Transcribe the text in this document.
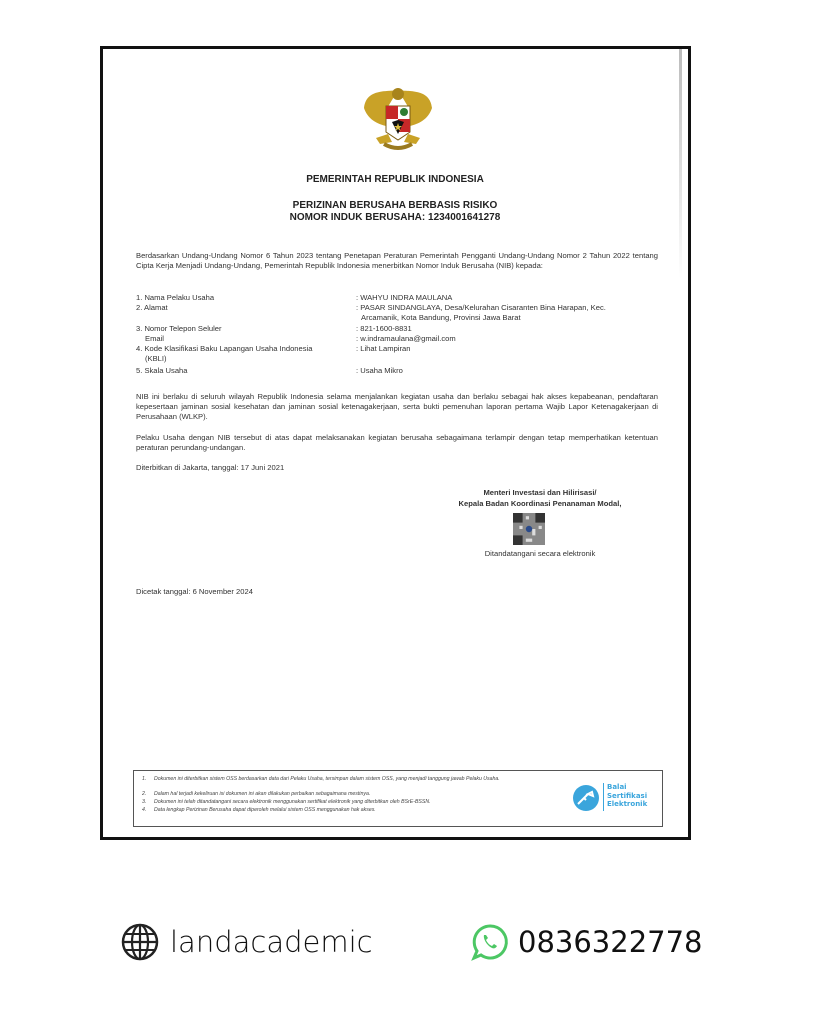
PEMERINTAH REPUBLIK INDONESIA
PERIZINAN BERUSAHA BERBASIS RISIKO
NOMOR INDUK BERUSAHA: 1234001641278
Berdasarkan Undang-Undang Nomor 6 Tahun 2023 tentang Penetapan Peraturan Pemerintah Pengganti Undang-Undang Nomor 2 Tahun 2022 tentang Cipta Kerja Menjadi Undang-Undang, Pemerintah Republik Indonesia menerbitkan Nomor Induk Berusaha (NIB) kepada:
1. Nama Pelaku Usaha	: WAHYU INDRA MAULANA
2. Alamat	: PASAR SINDANGLAYA, Desa/Kelurahan Cisaranten Bina Harapan, Kec.
Arcamanik, Kota Bandung, Provinsi Jawa Barat
3. Nomor Telepon Seluler	: 821-1600-8831
Email	: w.indramaulana@gmail.com
4. Kode Klasifikasi Baku Lapangan Usaha Indonesia	: Lihat Lampiran
(KBLI)
5. Skala Usaha	: Usaha Mikro
NIB ini berlaku di seluruh wilayah Republik Indonesia selama menjalankan kegiatan usaha dan berlaku sebagai hak akses kepabeanan, pendaftaran kepesertaan jaminan sosial kesehatan dan jaminan sosial ketenagakerjaan, serta bukti pemenuhan laporan pertama Wajib Lapor Ketenagakerjaan di Perusahaan (WLKP).
Pelaku Usaha dengan NIB tersebut di atas dapat melaksanakan kegiatan berusaha sebagaimana terlampir dengan tetap memperhatikan ketentuan peraturan perundang-undangan.
Diterbitkan di Jakarta, tanggal: 17 Juni 2021
Menteri Investasi dan Hilirisasi/
Kepala Badan Koordinasi Penanaman Modal,
Ditandatangani secara elektronik
Dicetak tanggal: 6 November 2024
1. Dokumen ini diterbitkan sistem OSS berdasarkan data dari Pelaku Usaha, tersimpan dalam sistem OSS, yang menjadi tanggung jawab Pelaku Usaha.
2. Dalam hal terjadi kekeliruan isi dokumen ini akan dilakukan perbaikan sebagaimana mestinya.
3. Dokumen ini telah ditandatangani secara elektronik menggunakan sertifikat elektronik yang diterbitkan oleh BSrE-BSSN.
4. Data lengkap Perizinan Berusaha dapat diperoleh melalui sistem OSS menggunakan hak akses.
Balai
Sertifikasi
Elektronik
landacademic	0836322778
